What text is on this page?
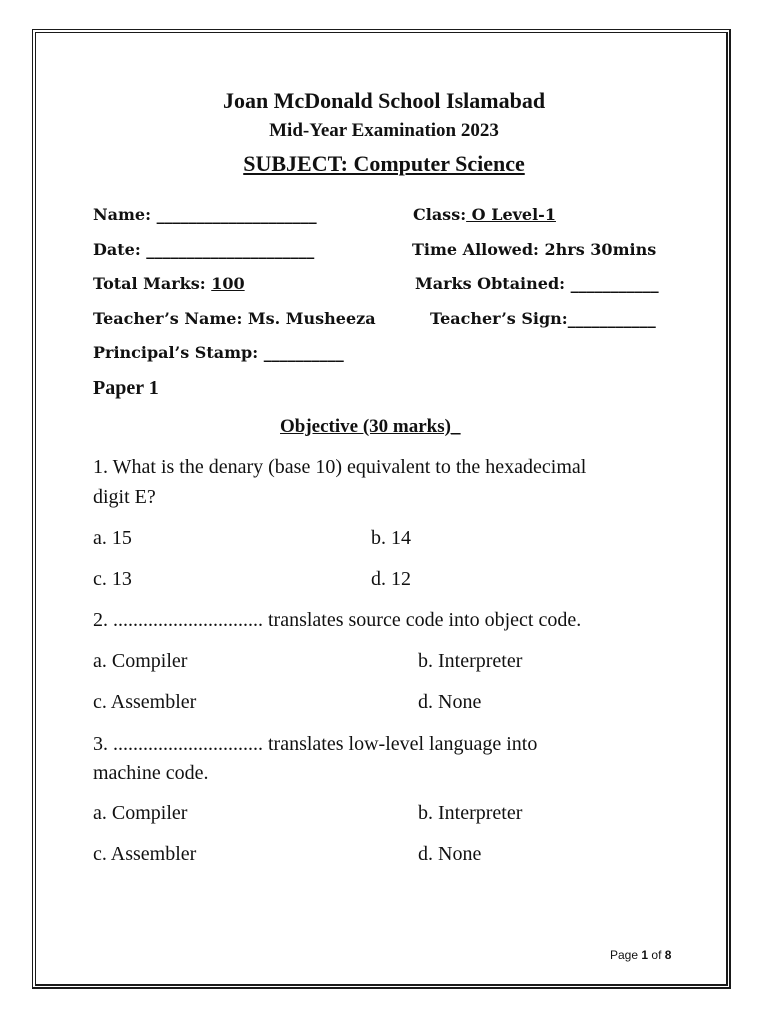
Joan McDonald School Islamabad
Mid-Year Examination 2023
SUBJECT: Computer Science
Name: ____________________	Class: O Level-1
Date: _____________________	Time Allowed: 2hrs 30mins
Total Marks: 100	Marks Obtained: ___________
Teacher’s Name: Ms. Musheeza	Teacher’s Sign:___________
Principal’s Stamp: __________
Paper 1
Objective (30 marks)_
1. What is the denary (base 10) equivalent to the hexadecimal
digit E?
a. 15	b. 14
c. 13	d. 12
2. .............................. translates source code into object code.
a. Compiler	b. Interpreter
c. Assembler	d. None
3. .............................. translates low-level language into
machine code.
a. Compiler	b. Interpreter
c. Assembler	d. None
Page 1 of 8
